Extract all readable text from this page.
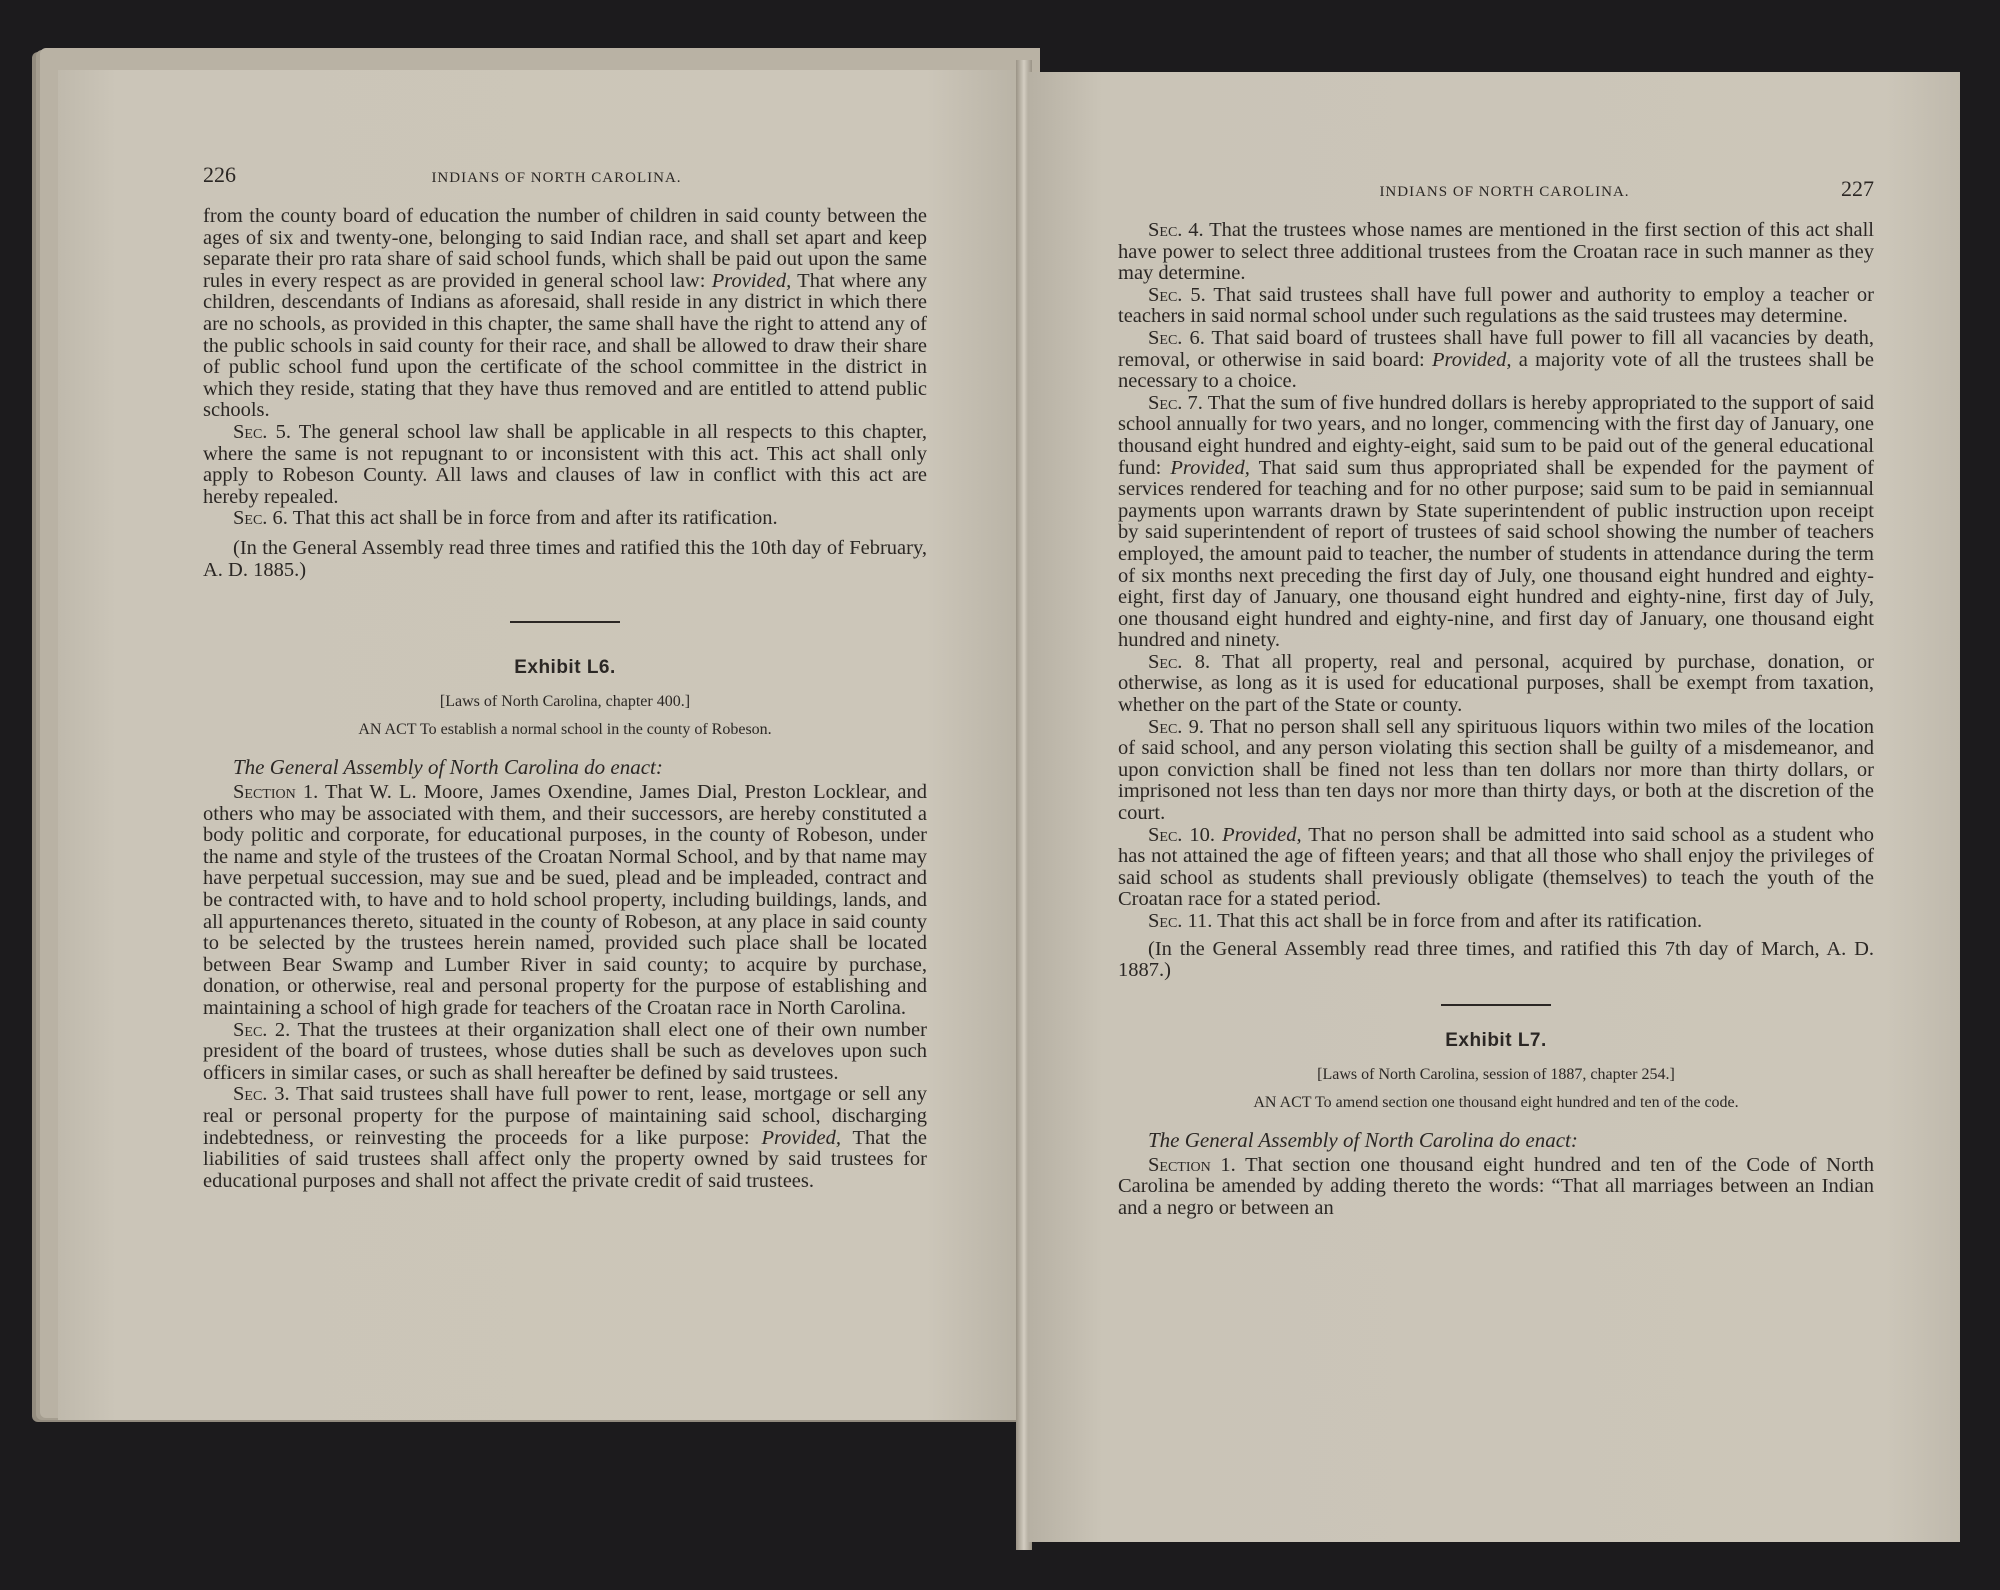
226	INDIANS OF NORTH CAROLINA.

from the county board of education the number of children in said county between the ages of six and twenty-one, belonging to said Indian race, and shall set apart and keep separate their pro rata share of said school funds, which shall be paid out upon the same rules in every respect as are provided in general school law: Provided, That where any children, descendants of Indians as aforesaid, shall reside in any district in which there are no schools, as provided in this chapter, the same shall have the right to attend any of the public schools in said county for their race, and shall be allowed to draw their share of public school fund upon the certificate of the school committee in the district in which they reside, stating that they have thus removed and are entitled to attend public schools.

Sec. 5. The general school law shall be applicable in all respects to this chapter, where the same is not repugnant to or inconsistent with this act. This act shall only apply to Robeson County. All laws and clauses of law in conflict with this act are hereby repealed.

Sec. 6. That this act shall be in force from and after its ratification.

(In the General Assembly read three times and ratified this the 10th day of February, A. D. 1885.)

Exhibit L6.
[Laws of North Carolina, chapter 400.]
AN ACT To establish a normal school in the county of Robeson.
The General Assembly of North Carolina do enact:

Section 1. That W. L. Moore, James Oxendine, James Dial, Preston Locklear, and others who may be associated with them, and their successors, are hereby constituted a body politic and corporate, for educational purposes, in the county of Robeson, under the name and style of the trustees of the Croatan Normal School, and by that name may have perpetual succession, may sue and be sued, plead and be impleaded, contract and be contracted with, to have and to hold school property, including buildings, lands, and all appurtenances thereto, situated in the county of Robeson, at any place in said county to be selected by the trustees herein named, provided such place shall be located between Bear Swamp and Lumber River in said county; to acquire by purchase, donation, or otherwise, real and personal property for the purpose of establishing and maintaining a school of high grade for teachers of the Croatan race in North Carolina.

Sec. 2. That the trustees at their organization shall elect one of their own number president of the board of trustees, whose duties shall be such as develoves upon such officers in similar cases, or such as shall hereafter be defined by said trustees.

Sec. 3. That said trustees shall have full power to rent, lease, mortgage or sell any real or personal property for the purpose of maintaining said school, discharging indebtedness, or reinvesting the proceeds for a like purpose: Provided, That the liabilities of said trustees shall affect only the property owned by said trustees for educational purposes and shall not affect the private credit of said trustees.

INDIANS OF NORTH CAROLINA.	227

Sec. 4. That the trustees whose names are mentioned in the first section of this act shall have power to select three additional trustees from the Croatan race in such manner as they may determine.

Sec. 5. That said trustees shall have full power and authority to employ a teacher or teachers in said normal school under such regulations as the said trustees may determine.

Sec. 6. That said board of trustees shall have full power to fill all vacancies by death, removal, or otherwise in said board: Provided, a majority vote of all the trustees shall be necessary to a choice.

Sec. 7. That the sum of five hundred dollars is hereby appropriated to the support of said school annually for two years, and no longer, commencing with the first day of January, one thousand eight hundred and eighty-eight, said sum to be paid out of the general educational fund: Provided, That said sum thus appropriated shall be expended for the payment of services rendered for teaching and for no other purpose; said sum to be paid in semiannual payments upon warrants drawn by State superintendent of public instruction upon receipt by said superintendent of report of trustees of said school showing the number of teachers employed, the amount paid to teacher, the number of students in attendance during the term of six months next preceding the first day of July, one thousand eight hundred and eighty-eight, first day of January, one thousand eight hundred and eighty-nine, first day of July, one thousand eight hundred and eighty-nine, and first day of January, one thousand eight hundred and ninety.

Sec. 8. That all property, real and personal, acquired by purchase, donation, or otherwise, as long as it is used for educational purposes, shall be exempt from taxation, whether on the part of the State or county.

Sec. 9. That no person shall sell any spirituous liquors within two miles of the location of said school, and any person violating this section shall be guilty of a misdemeanor, and upon conviction shall be fined not less than ten dollars nor more than thirty dollars, or imprisoned not less than ten days nor more than thirty days, or both at the discretion of the court.

Sec. 10. Provided, That no person shall be admitted into said school as a student who has not attained the age of fifteen years; and that all those who shall enjoy the privileges of said school as students shall previously obligate (themselves) to teach the youth of the Croatan race for a stated period.

Sec. 11. That this act shall be in force from and after its ratification.

(In the General Assembly read three times, and ratified this 7th day of March, A. D. 1887.)

Exhibit L7.
[Laws of North Carolina, session of 1887, chapter 254.]
AN ACT To amend section one thousand eight hundred and ten of the code.
The General Assembly of North Carolina do enact:

Section 1. That section one thousand eight hundred and ten of the Code of North Carolina be amended by adding thereto the words: “That all marriages between an Indian and a negro or between an
